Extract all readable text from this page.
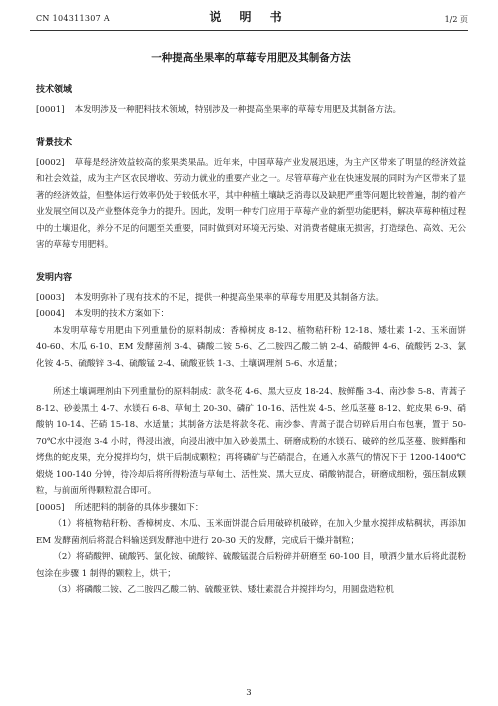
CN 104311307 A	说 明 书	1/2 页
一种提高坐果率的草莓专用肥及其制备方法
技术领域

[0001] 本发明涉及一种肥料技术领域，特别涉及一种提高坐果率的草莓专用肥及其制备方法。

背景技术

[0002] 草莓是经济效益较高的浆果类果品。近年来，中国草莓产业发展迅速，为主产区带来了明显的经济效益和社会效益，成为主产区农民增收、劳动力就业的重要产业之一。尽管草莓产业在快速发展的同时为产区带来了显著的经济效益，但整体运行效率仍处于较低水平，其中种植土壤缺乏消毒以及缺肥严重等问题比较普遍，制约着产业发展空间以及产业整体竞争力的提升。因此，发明一种专门应用于草莓产业的新型功能肥料，解决草莓种植过程中的土壤退化，养分不足的问题至关重要，同时做到对环境无污染、对消费者健康无损害，打造绿色、高效、无公害的草莓专用肥料。

发明内容

[0003] 本发明弥补了现有技术的不足，提供一种提高坐果率的草莓专用肥及其制备方法。

[0004] 本发明的技术方案如下：

本发明草莓专用肥由下列重量份的原料制成：香樟树皮 8-12、植物秸秆粉 12-18、矮壮素 1-2、玉米面饼 40-60、木瓜 6-10、EM 发酵菌剂 3-4、磷酸二铵 5-6、乙二胺四乙酸二钠 2-4、硝酸钾 4-6、硫酸钙 2-3、氯化铵 4-5、硫酸锌 3-4、硫酸锰 2-4、硫酸亚铁 1-3、土壤调理剂 5-6、水适量；

所述土壤调理剂由下列重量份的原料制成：款冬花 4-6、黑大豆皮 18-24、胺鲜酯 3-4、南沙参 5-8、青蒿子 8-12、砂姜黑土 4-7、水镁石 6-8、草甸土 20-30、磷矿 10-16、活性炭 4-5、丝瓜茎蔓 8-12、蛇皮果 6-9、硝酸钠 10-14、芒硝 15-18、水适量；其制备方法是将款冬花、南沙参、青蒿子混合切碎后用白布包裹，置于 50-70℃水中浸泡 3-4 小时，得浸出液，向浸出液中加入砂姜黑土、研磨成粉的水镁石、破碎的丝瓜茎蔓、胺鲜酯和烤焦的蛇皮果，充分搅拌均匀，烘干后制成颗粒；再将磷矿与芒硝混合，在通入水蒸气的情况下于 1200-1400℃煅烧 100-140 分钟，待冷却后将所得粉渣与草甸土、活性炭、黑大豆皮、硝酸钠混合，研磨成细粉，强压制成颗粒，与前面所得颗粒混合即可。

[0005] 所述肥料的制备的具体步骤如下：

（1）将植物秸秆粉、香樟树皮、木瓜、玉米面饼混合后用破碎机破碎，在加入少量水搅拌成粘稠状，再添加 EM 发酵菌剂后将混合料输送到发酵池中进行 20-30 天的发酵，完成后干燥并制粒；

（2）将硝酸钾、硫酸钙、氯化铵、硫酸锌、硫酸锰混合后粉碎并研磨至 60-100 目，喷洒少量水后将此混粉包涂在步骤 1 制得的颗粒上，烘干；

（3）将磷酸二铵、乙二胺四乙酸二钠、硫酸亚铁、矮壮素混合并搅拌均匀，用圆盘造粒机

3
